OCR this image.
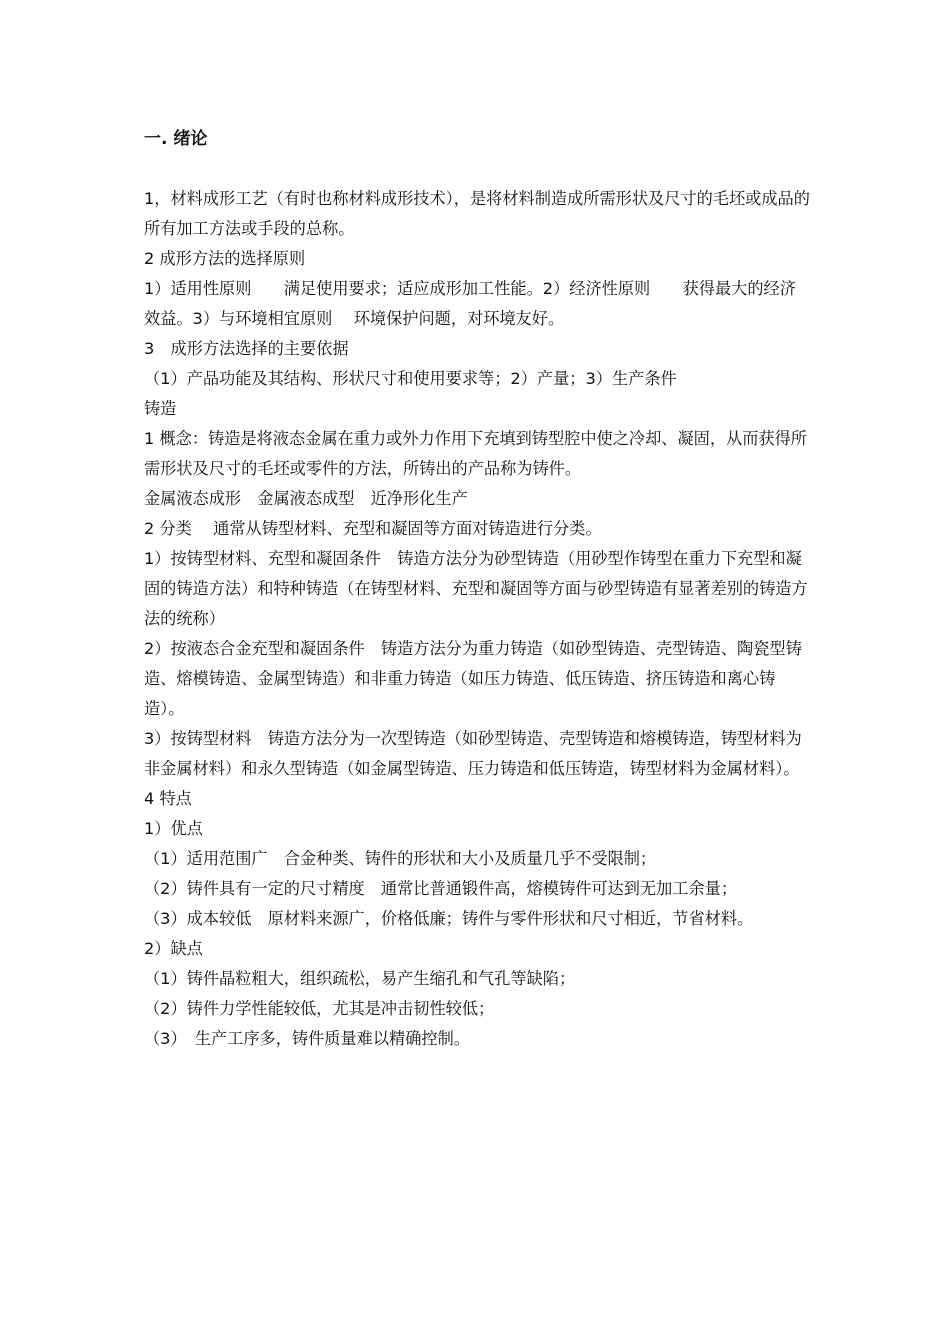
一. 绪论

1，材料成形工艺（有时也称材料成形技术），是将材料制造成所需形状及尺寸的毛坯或成品的所有加工方法或手段的总称。

2 成形方法的选择原则

1）适用性原则　　满足使用要求；适应成形加工性能。2）经济性原则　　获得最大的经济效益。3）与环境相宜原则　 环境保护问题，对环境友好。

3　成形方法选择的主要依据

（1）产品功能及其结构、形状尺寸和使用要求等；2）产量；3）生产条件

铸造

1 概念：铸造是将液态金属在重力或外力作用下充填到铸型腔中使之冷却、凝固，从而获得所需形状及尺寸的毛坯或零件的方法，所铸出的产品称为铸件。

金属液态成形　金属液态成型　近净形化生产

2 分类　 通常从铸型材料、充型和凝固等方面对铸造进行分类。

1）按铸型材料、充型和凝固条件　铸造方法分为砂型铸造（用砂型作铸型在重力下充型和凝固的铸造方法）和特种铸造（在铸型材料、充型和凝固等方面与砂型铸造有显著差别的铸造方法的统称）

2）按液态合金充型和凝固条件　铸造方法分为重力铸造（如砂型铸造、壳型铸造、陶瓷型铸造、熔模铸造、金属型铸造）和非重力铸造（如压力铸造、低压铸造、挤压铸造和离心铸造）。

3）按铸型材料　铸造方法分为一次型铸造（如砂型铸造、壳型铸造和熔模铸造，铸型材料为非金属材料）和永久型铸造（如金属型铸造、压力铸造和低压铸造，铸型材料为金属材料）。

4 特点

1）优点

（1）适用范围广　合金种类、铸件的形状和大小及质量几乎不受限制；

（2）铸件具有一定的尺寸精度　通常比普通锻件高，熔模铸件可达到无加工余量；

（3）成本较低　原材料来源广，价格低廉；铸件与零件形状和尺寸相近，节省材料。

2）缺点

（1）铸件晶粒粗大，组织疏松，易产生缩孔和气孔等缺陷；

（2）铸件力学性能较低，尤其是冲击韧性较低；

（3）　生产工序多，铸件质量难以精确控制。
